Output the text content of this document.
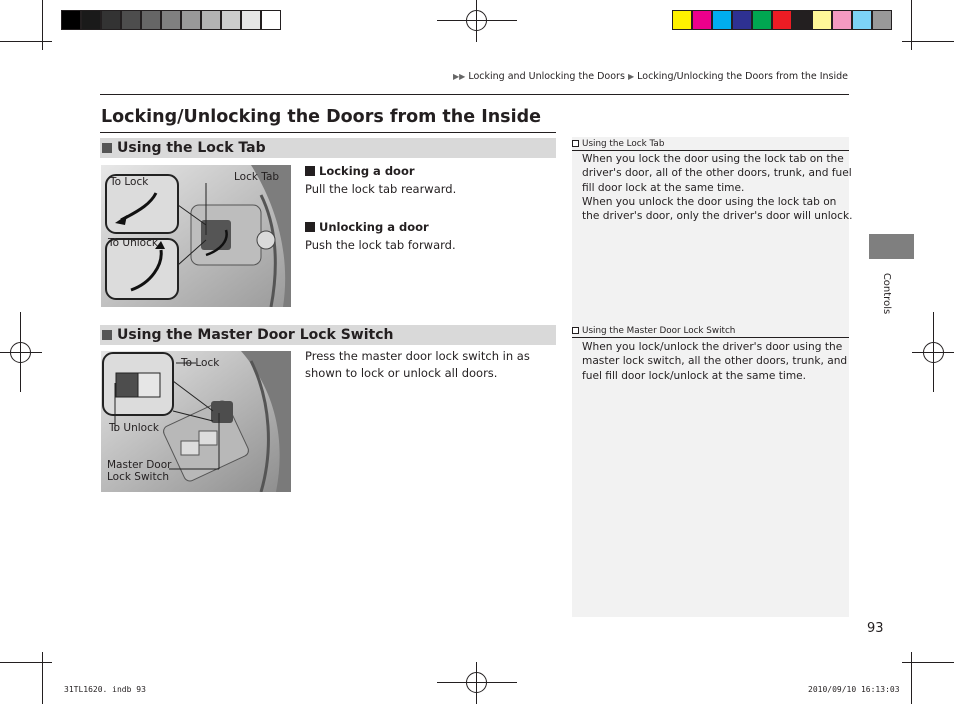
▶▶ Locking and Unlocking the Doors ▶ Locking/Unlocking the Doors from the Inside
Locking/Unlocking the Doors from the Inside
Using the Lock Tab
To Lock	Lock Tab
To Unlock
Locking a door
Pull the lock tab rearward.
Unlocking a door
Push the lock tab forward.
Using the Lock Tab
When you lock the door using the lock tab on the
driver's door, all of the other doors, trunk, and fuel
fill door lock at the same time.
When you unlock the door using the lock tab on
the driver's door, only the driver's door will unlock.
Using the Master Door Lock Switch
To Lock
To Unlock
Master Door
Lock Switch
Press the master door lock switch in as
shown to lock or unlock all doors.
Using the Master Door Lock Switch
When you lock/unlock the driver's door using the
master lock switch, all the other doors, trunk, and
fuel fill door lock/unlock at the same time.
Controls
93
31TL1620. indb 93	2010/09/10 16:13:03
